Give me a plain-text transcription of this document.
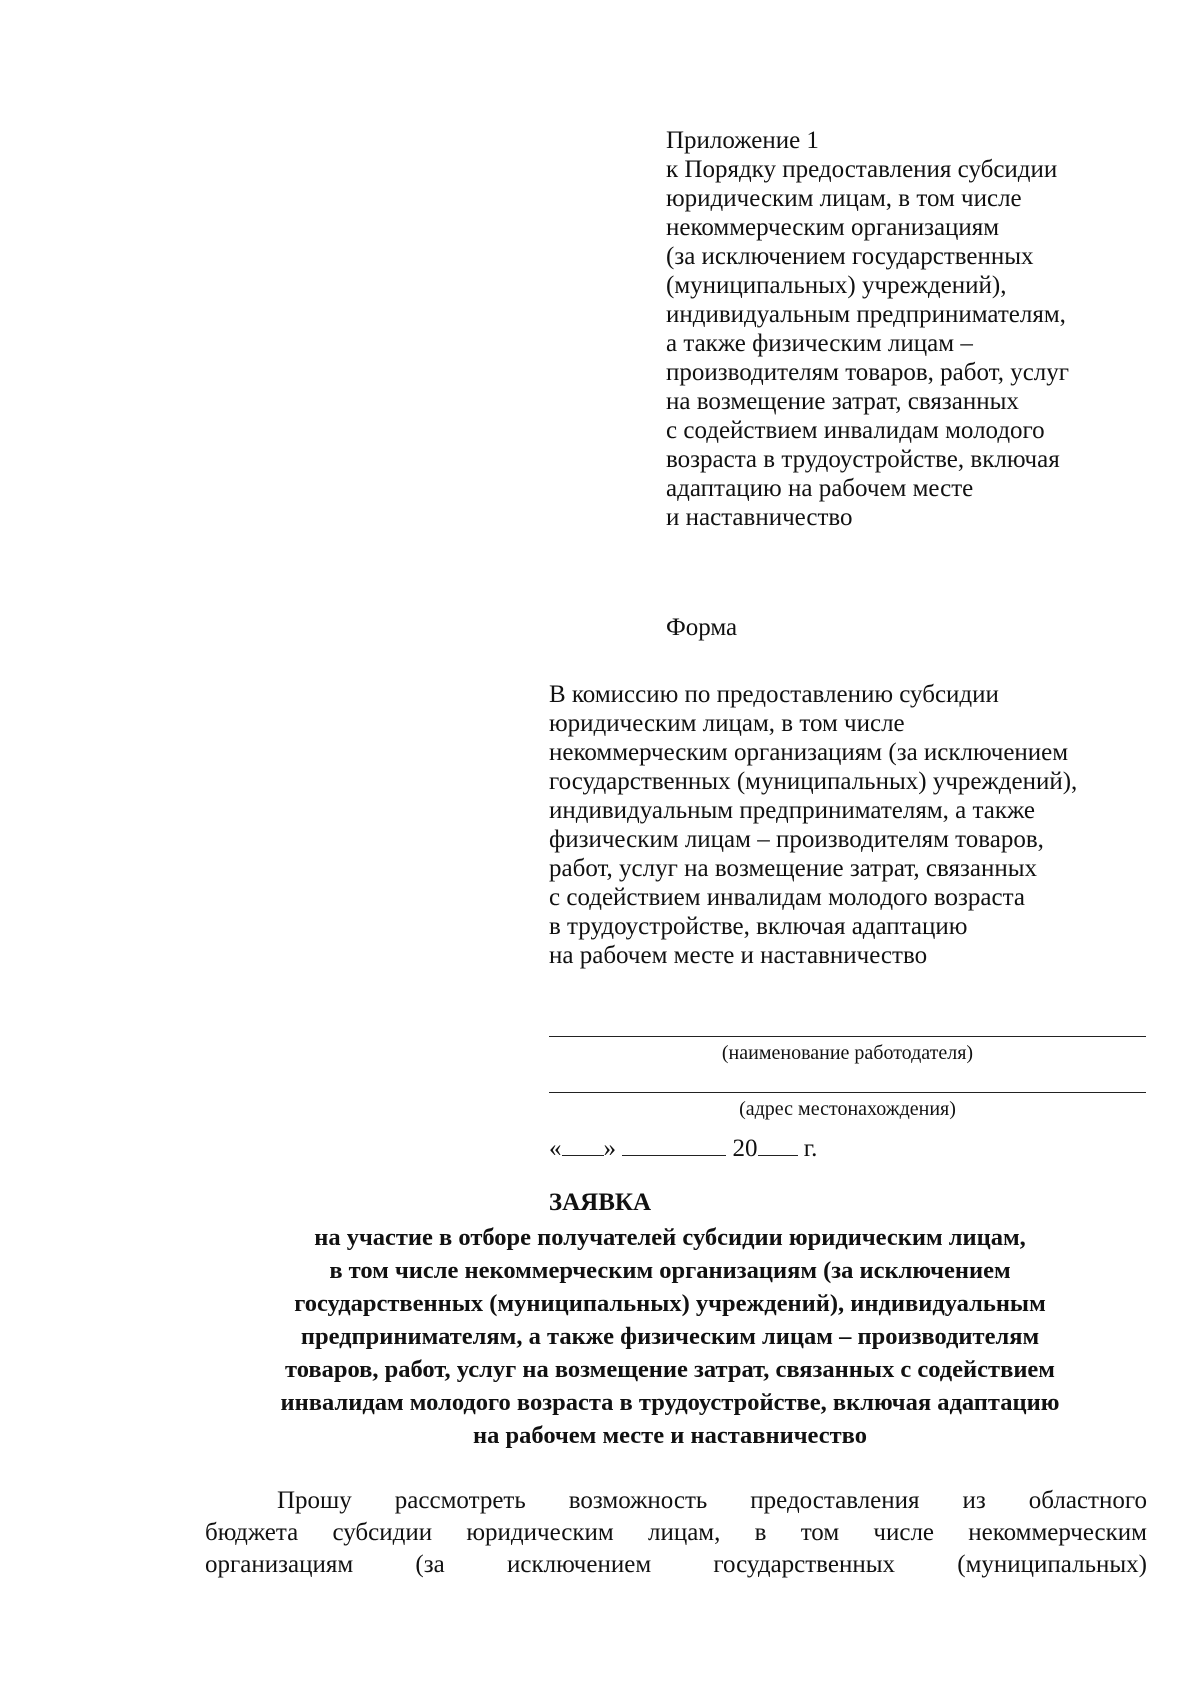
Приложение 1
к Порядку предоставления субсидии
юридическим лицам, в том числе
некоммерческим организациям
(за исключением государственных
(муниципальных) учреждений),
индивидуальным предпринимателям,
а также физическим лицам –
производителям товаров, работ, услуг
на возмещение затрат, связанных
с содействием инвалидам молодого
возраста в трудоустройстве, включая
адаптацию на рабочем месте
и наставничество
Форма
В комиссию по предоставлению субсидии
юридическим лицам, в том числе
некоммерческим организациям (за исключением
государственных (муниципальных) учреждений),
индивидуальным предпринимателям, а также
физическим лицам – производителям товаров,
работ, услуг на возмещение затрат, связанных
с содействием инвалидам молодого возраста
в трудоустройстве, включая адаптацию
на рабочем месте и наставничество
(наименование работодателя)
(адрес местонахождения)
« »	20 г.
ЗАЯВКА
на участие в отборе получателей субсидии юридическим лицам,
в том числе некоммерческим организациям (за исключением
государственных (муниципальных) учреждений), индивидуальным
предпринимателям, а также физическим лицам – производителям
товаров, работ, услуг на возмещение затрат, связанных с содействием
инвалидам молодого возраста в трудоустройстве, включая адаптацию
на рабочем месте и наставничество
Прошу рассмотреть возможность предоставления из областного
бюджета субсидии юридическим лицам, в том числе некоммерческим
организациям (за исключением государственных (муниципальных)
